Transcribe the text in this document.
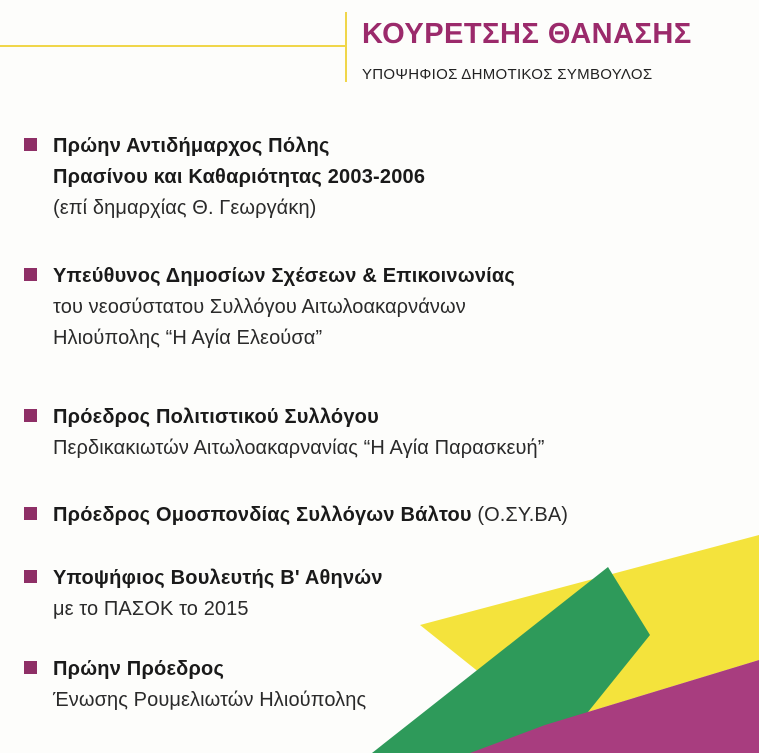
ΚΟΥΡΕΤΣΗΣ ΘΑΝΑΣΗΣ
ΥΠΟΨΗΦΙΟΣ ΔΗΜΟΤΙΚΟΣ ΣΥΜΒΟΥΛΟΣ
Πρώην Αντιδήμαρχος Πόλης
Πρασίνου και Καθαριότητας 2003-2006
(επί δημαρχίας Θ. Γεωργάκη)
Υπεύθυνος Δημοσίων Σχέσεων & Επικοινωνίας
του νεοσύστατου Συλλόγου Αιτωλοακαρνάνων
Ηλιούπολης “Η Αγία Ελεούσα”
Πρόεδρος Πολιτιστικού Συλλόγου
Περδικακιωτών Αιτωλοακαρνανίας “Η Αγία Παρασκευή”
Πρόεδρος Ομοσπονδίας Συλλόγων Βάλτου (Ο.ΣΥ.ΒΑ)
Υποψήφιος Βουλευτής Β' Αθηνών
με το ΠΑΣΟΚ το 2015
Πρώην Πρόεδρος
Ένωσης Ρουμελιωτών Ηλιούπολης
